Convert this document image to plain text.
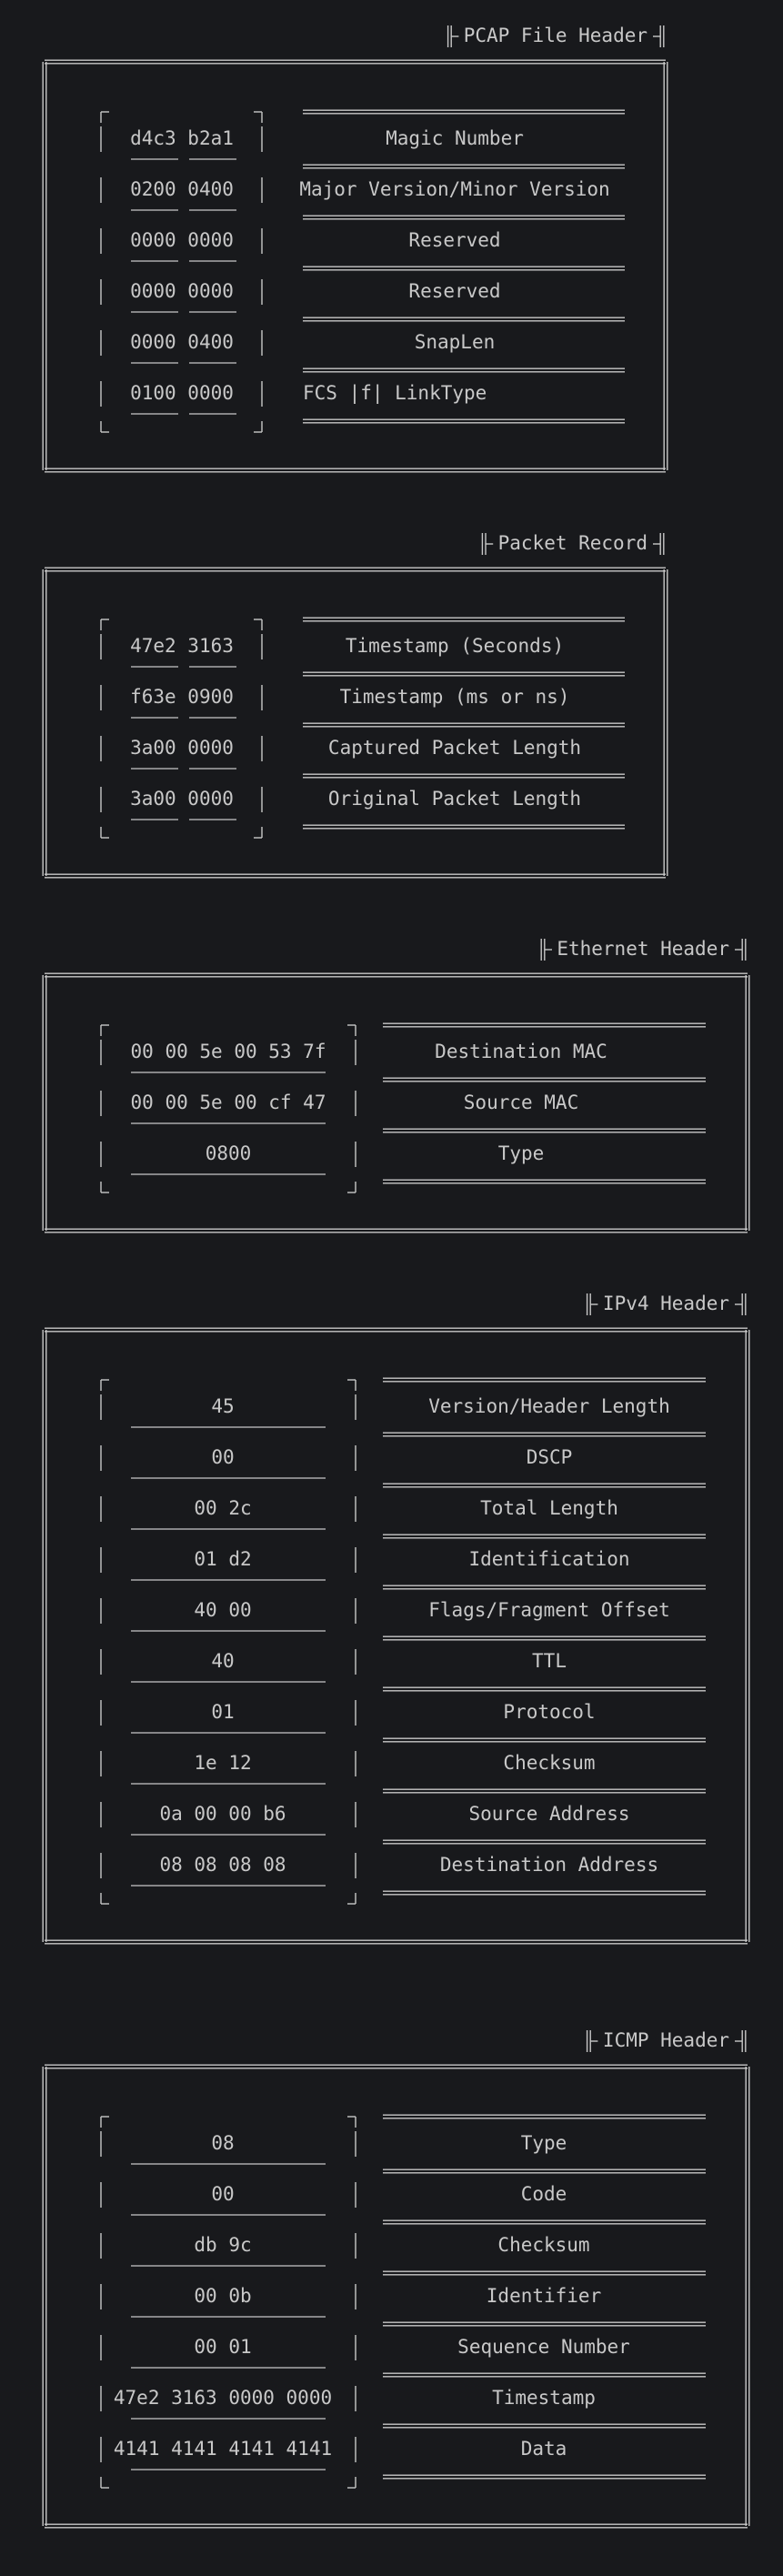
PCAP File Header
d4c3 b2a1	Magic Number
0200 0400	Major Version/Minor Version
0000 0000	Reserved
0000 0000	Reserved
0000 0400	SnapLen
0100 0000	FCS |f| LinkType
Packet Record
47e2 3163	Timestamp (Seconds)
f63e 0900	Timestamp (ms or ns)
3a00 0000	Captured Packet Length
3a00 0000	Original Packet Length
Ethernet Header
00 00 5e 00 53 7f	Destination MAC
00 00 5e 00 cf 47	Source MAC
0800	Type
IPv4 Header
45	Version/Header Length
00	DSCP
00 2c	Total Length
01 d2	Identification
40 00	Flags/Fragment Offset
40	TTL
01	Protocol
1e 12	Checksum
0a 00 00 b6	Source Address
08 08 08 08	Destination Address
ICMP Header
08	Type
00	Code
db 9c	Checksum
00 0b	Identifier
00 01	Sequence Number
47e2 3163 0000 0000	Timestamp
4141 4141 4141 4141	Data
